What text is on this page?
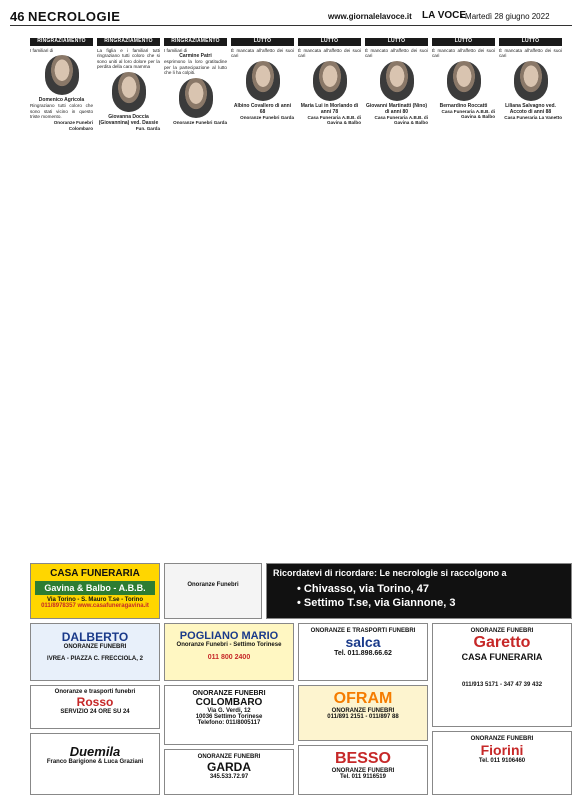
46 NECROLOGIE	www.giornalelavoce.it LA VOCE
• Martedì 28 giugno 2022
RINGRAZIAMENTO
I familiari di
Domenico Agricola
Ringraziano tutti coloro che sono stati vicino in questo triste momento.
Onoranze Funebri Colombaro
RINGRAZIAMENTO
La figlia e i familiari tutti ringraziano tutti coloro che si sono uniti al loro dolore per la perdita della cara mamma
Giovanna Doccia (Giovannina) ved. Dassie
Fun. Garda
RINGRAZIAMENTO
I familiari di
Carmine Patri
esprimono la loro gratitudine per la partecipazione al lutto che li ha colpiti.
Onoranze Funebri Garda
LUTTO
È mancata all'affetto dei suoi cari
Albino Covallero di anni 68
Onoranze Funebri Garda
LUTTO
È mancata all'affetto dei suoi cari
Maria Lui in Morlando di anni 78
Casa Funeraria A.B.B. di Gavina & Balbo
LUTTO
È mancato all'affetto dei suoi cari
Giovanni Martinatti (Nino) di anni 80
Casa Funeraria A.B.B. di Gavina & Balbo
LUTTO
È mancato all'affetto dei suoi cari
Bernardino Roccatti
Casa Funeraria A.B.B. di Gavina & Balbo
LUTTO
È mancata all'affetto dei suoi cari
Liliana Salvagno ved. Accoto di anni 88
Casa Funeraria La Vanetto
CASA FUNERARIA
Gavina & Balbo - A.B.B.
Via Torino - S. Mauro T.se - Torino
011/8978357 www.casafuneragavina.it
Onoranze Funebri
Ricordatevi di ricordare: Le necrologie si raccolgono a
• Chivasso, via Torino, 47
• Settimo T.se, via Giannone, 3
DALBERTO
ONORANZE FUNEBRI
IVREA - PIAZZA C. FRECCIOLA, 2
POGLIANO MARIO
Onoranze Funebri - Settimo Torinese
011 800 2400
ONORANZE E TRASPORTI FUNEBRI
salca
Tel. 011.898.66.62
ONORANZE FUNEBRI
Garetto
CASA FUNERARIA
011/913 5171 - 347 47 39 432
Onoranze e trasporti funebri
Rosso
SERVIZIO 24 ORE SU 24
ONORANZE FUNEBRI
COLOMBARO
Via G. Verdi, 12
10036 Settimo Torinese
Telefono: 011/8005117
OFRAM
ONORANZE FUNEBRI
011/891 2151 - 011/897 88
Duemila
Franco Barigione & Luca Graziani
ONORANZE FUNEBRI
GARDA
345.533.72.97
BESSO
ONORANZE FUNEBRI
Tel. 011 9116519
ONORANZE FUNEBRI
Fiorini
Tel. 011 9106460
